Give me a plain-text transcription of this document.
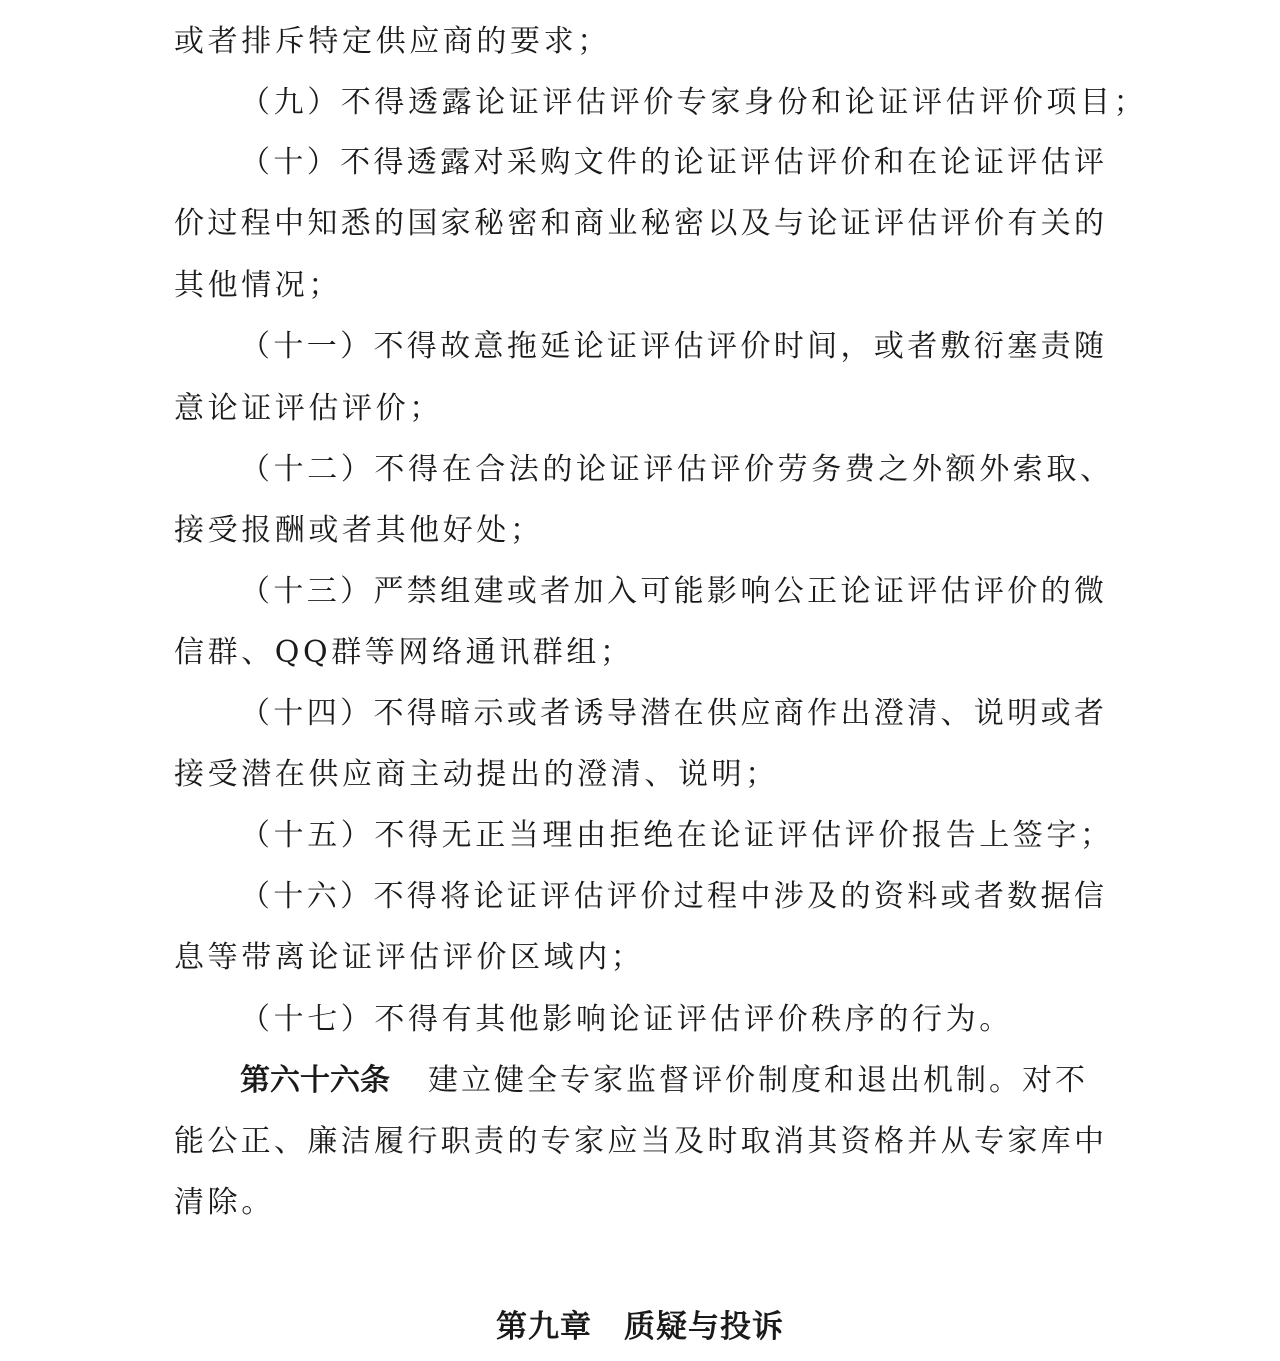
或者排斥特定供应商的要求；
（九）不得透露论证评估评价专家身份和论证评估评价项目；
（十）不得透露对采购文件的论证评估评价和在论证评估评
价过程中知悉的国家秘密和商业秘密以及与论证评估评价有关的
其他情况；
（十一）不得故意拖延论证评估评价时间，或者敷衍塞责随
意论证评估评价；
（十二）不得在合法的论证评估评价劳务费之外额外索取、
接受报酬或者其他好处；
（十三）严禁组建或者加入可能影响公正论证评估评价的微
信群、QQ群等网络通讯群组；
（十四）不得暗示或者诱导潜在供应商作出澄清、说明或者
接受潜在供应商主动提出的澄清、说明；
（十五）不得无正当理由拒绝在论证评估评价报告上签字；
（十六）不得将论证评估评价过程中涉及的资料或者数据信
息等带离论证评估评价区域内；
（十七）不得有其他影响论证评估评价秩序的行为。
第六十六条 建立健全专家监督评价制度和退出机制。对不
能公正、廉洁履行职责的专家应当及时取消其资格并从专家库中
清除。
第九章　质疑与投诉
